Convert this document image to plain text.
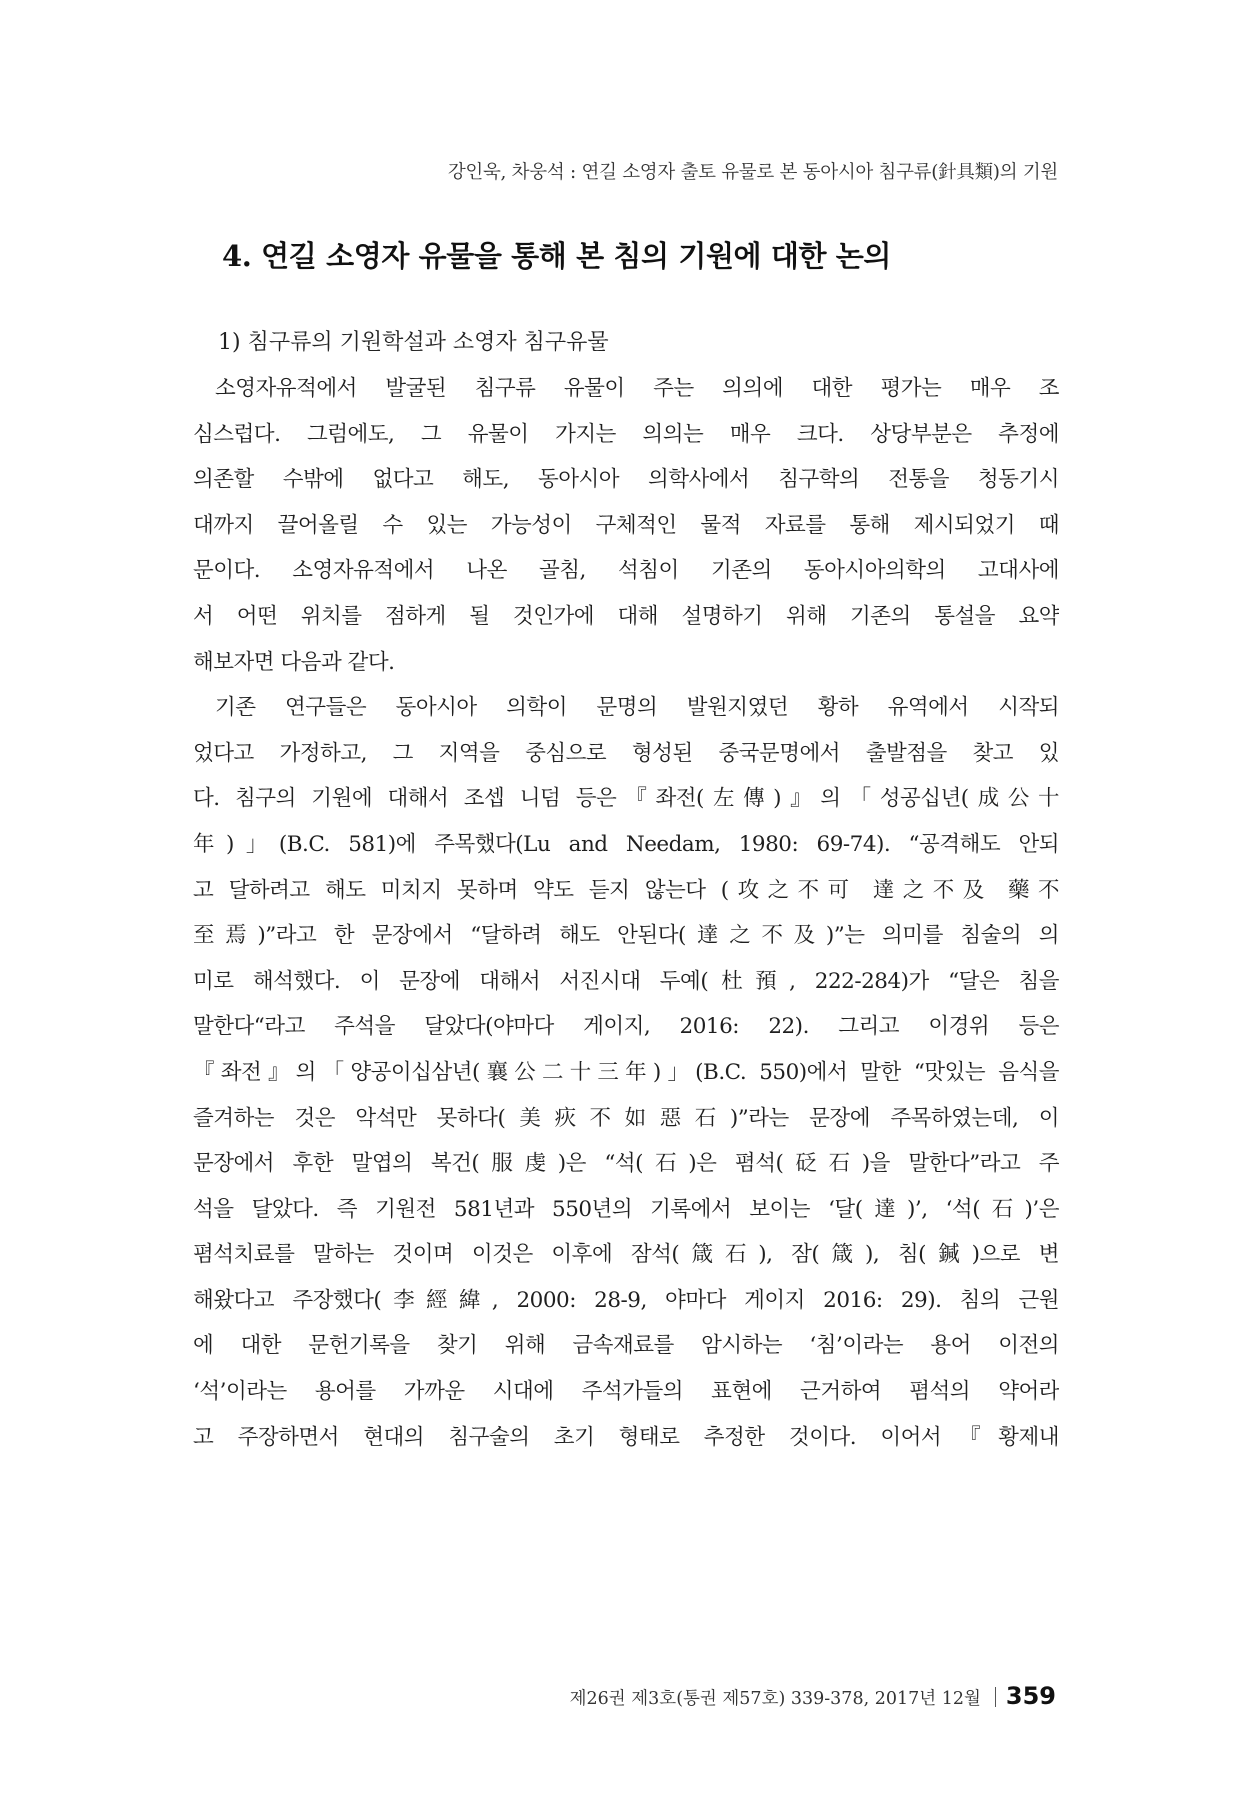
강인욱, 차웅석 : 연길 소영자 출토 유물로 본 동아시아 침구류(針具類)의 기원
4. 연길 소영자 유물을 통해 본 침의 기원에 대한 논의
1) 침구류의 기원학설과 소영자 침구유물
소영자유적에서 발굴된 침구류 유물이 주는 의의에 대한 평가는 매우 조
심스럽다. 그럼에도, 그 유물이 가지는 의의는 매우 크다. 상당부분은 추정에
의존할 수밖에 없다고 해도, 동아시아 의학사에서 침구학의 전통을 청동기시
대까지 끌어올릴 수 있는 가능성이 구체적인 물적 자료를 통해 제시되었기 때
문이다. 소영자유적에서 나온 골침, 석침이 기존의 동아시아의학의 고대사에
서 어떤 위치를 점하게 될 것인가에 대해 설명하기 위해 기존의 통설을 요약
해보자면 다음과 같다.
기존 연구들은 동아시아 의학이 문명의 발원지였던 황하 유역에서 시작되
었다고 가정하고, 그 지역을 중심으로 형성된 중국문명에서 출발점을 찾고 있
다. 침구의 기원에 대해서 조셉 니덤 등은『좌전(左傳)』의「성공십년(成公十
年)」(B.C. 581)에 주목했다(Lu and Needam, 1980: 69-74). “공격해도 안되
고 달하려고 해도 미치지 못하며 약도 듣지 않는다 (攻之不可 達之不及 藥不
至焉)”라고 한 문장에서 “달하려 해도 안된다(達之不及)”는 의미를 침술의 의
미로 해석했다. 이 문장에 대해서 서진시대 두예(杜預, 222-284)가 “달은 침을
말한다“라고 주석을 달았다(야마다 게이지, 2016: 22). 그리고 이경위 등은
『좌전』의「양공이십삼년(襄公二十三年)」(B.C. 550)에서 말한 “맛있는 음식을
즐겨하는 것은 악석만 못하다(美疢不如惡石)”라는 문장에 주목하였는데, 이
문장에서 후한 말엽의 복건(服虔)은 “석(石)은 폄석(砭石)을 말한다”라고 주
석을 달았다. 즉 기원전 581년과 550년의 기록에서 보이는 ‘달(達)’, ‘석(石)’은
폄석치료를 말하는 것이며 이것은 이후에 잠석(箴石), 잠(箴), 침(鍼)으로 변
해왔다고 주장했다(李經緯, 2000: 28-9, 야마다 게이지 2016: 29). 침의 근원
에 대한 문헌기록을 찾기 위해 금속재료를 암시하는 ‘침’이라는 용어 이전의
‘석’이라는 용어를 가까운 시대에 주석가들의 표현에 근거하여 폄석의 약어라
고 주장하면서 현대의 침구술의 초기 형태로 추정한 것이다. 이어서『황제내
제26권 제3호(통권 제57호) 339-378, 2017년 12월 359
